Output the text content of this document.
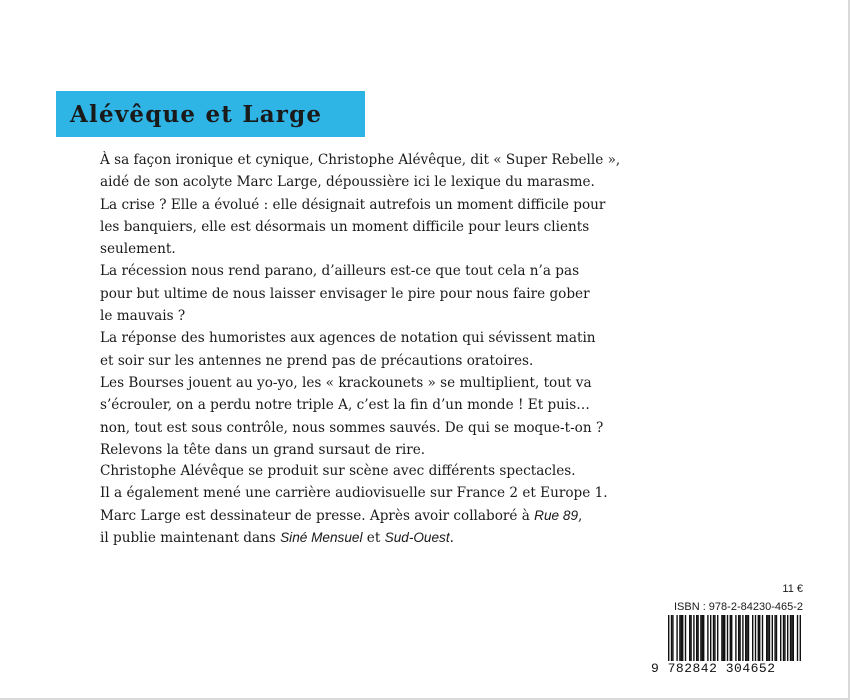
Alévêque et Large

À sa façon ironique et cynique, Christophe Alévêque, dit « Super Rebelle »,

aidé de son acolyte Marc Large, dépoussière ici le lexique du marasme.

La crise ? Elle a évolué : elle désignait autrefois un moment difficile pour

les banquiers, elle est désormais un moment difficile pour leurs clients

seulement.

La récession nous rend parano, d’ailleurs est-ce que tout cela n’a pas

pour but ultime de nous laisser envisager le pire pour nous faire gober

le mauvais ?

La réponse des humoristes aux agences de notation qui sévissent matin

et soir sur les antennes ne prend pas de précautions oratoires.

Les Bourses jouent au yo-yo, les « krackounets » se multiplient, tout va

s’écrouler, on a perdu notre triple A, c’est la fin d’un monde ! Et puis…

non, tout est sous contrôle, nous sommes sauvés. De qui se moque-t-on ?

Relevons la tête dans un grand sursaut de rire.

Christophe Alévêque se produit sur scène avec différents spectacles.

Il a également mené une carrière audiovisuelle sur France 2 et Europe 1.

Marc Large est dessinateur de presse. Après avoir collaboré à Rue 89,

il publie maintenant dans Siné Mensuel et Sud-Ouest.

11 €
ISBN : 978-2-84230-465-2
9 782842 304652
